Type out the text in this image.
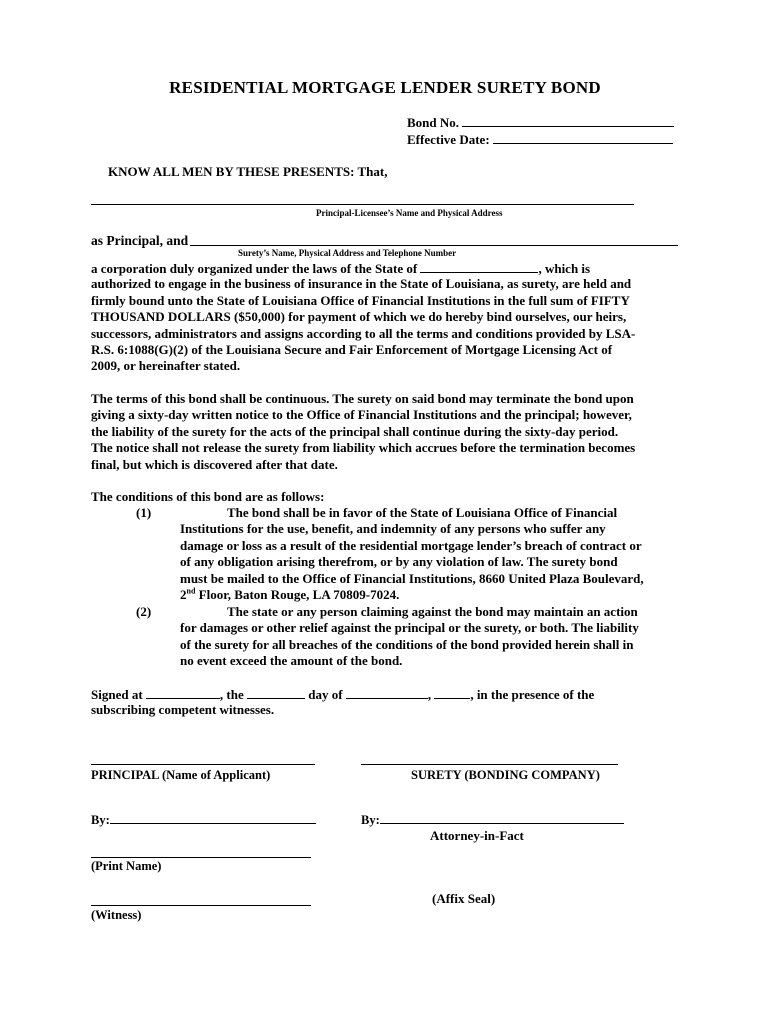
RESIDENTIAL MORTGAGE LENDER SURETY BOND
Bond No.
Effective Date:
KNOW ALL MEN BY THESE PRESENTS: That,
Principal-Licensee’s Name and Physical Address
as Principal, and
Surety’s Name, Physical Address and Telephone Number
a corporation duly organized under the laws of the State of	, which is
authorized to engage in the business of insurance in the State of Louisiana, as surety, are held and
firmly bound unto the State of Louisiana Office of Financial Institutions in the full sum of FIFTY
THOUSAND DOLLARS ($50,000) for payment of which we do hereby bind ourselves, our heirs,
successors, administrators and assigns according to all the terms and conditions provided by LSA-
R.S. 6:1088(G)(2) of the Louisiana Secure and Fair Enforcement of Mortgage Licensing Act of
2009, or hereinafter stated.
The terms of this bond shall be continuous. The surety on said bond may terminate the bond upon
giving a sixty-day written notice to the Office of Financial Institutions and the principal; however,
the liability of the surety for the acts of the principal shall continue during the sixty-day period.
The notice shall not release the surety from liability which accrues before the termination becomes
final, but which is discovered after that date.
The conditions of this bond are as follows:
(1)	The bond shall be in favor of the State of Louisiana Office of Financial
Institutions for the use, benefit, and indemnity of any persons who suffer any
damage or loss as a result of the residential mortgage lender’s breach of contract or
of any obligation arising therefrom, or by any violation of law. The surety bond
must be mailed to the Office of Financial Institutions, 8660 United Plaza Boulevard,
2nd Floor, Baton Rouge, LA 70809-7024.
(2)	The state or any person claiming against the bond may maintain an action
for damages or other relief against the principal or the surety, or both. The liability
of the surety for all breaches of the conditions of the bond provided herein shall in
no event exceed the amount of the bond.
Signed at	, the	day of	,	, in the presence of the
subscribing competent witnesses.
PRINCIPAL (Name of Applicant)	SURETY (BONDING COMPANY)
By:	By:
Attorney-in-Fact
(Print Name)
(Affix Seal)
(Witness)
